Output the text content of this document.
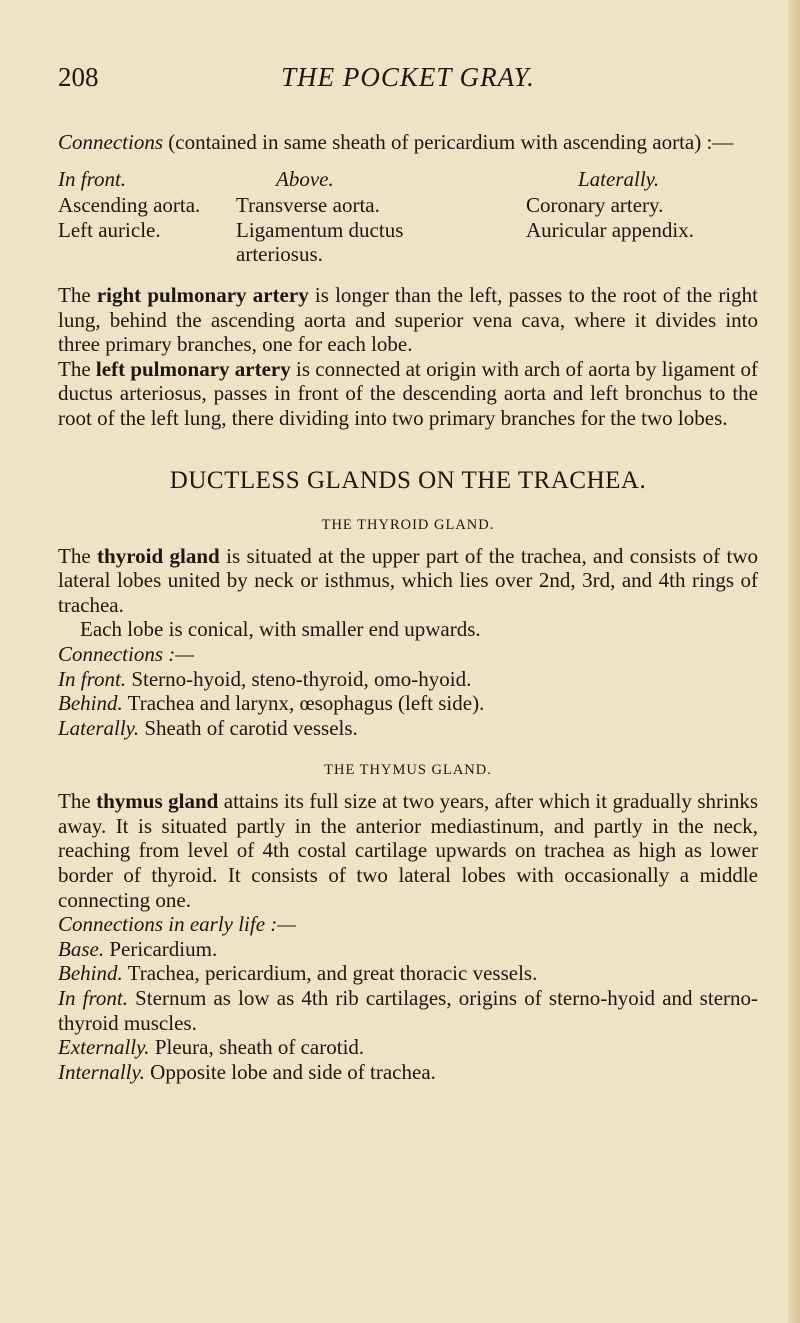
208	THE POCKET GRAY.

Connections (contained in same sheath of pericardium with ascending aorta) :—

In front.
Ascending aorta.
Left auricle.
Above.
Transverse aorta.
Ligamentum ductus
arteriosus.
Laterally.
Coronary artery.
Auricular appendix.

The right pulmonary artery is longer than the left, passes to the root of the right lung, behind the ascending aorta and superior vena cava, where it divides into three primary branches, one for each lobe.

The left pulmonary artery is connected at origin with arch of aorta by ligament of ductus arteriosus, passes in front of the descending aorta and left bronchus to the root of the left lung, there dividing into two primary branches for the two lobes.

DUCTLESS GLANDS ON THE TRACHEA.
THE THYROID GLAND.

The thyroid gland is situated at the upper part of the trachea, and consists of two lateral lobes united by neck or isthmus, which lies over 2nd, 3rd, and 4th rings of trachea.

Each lobe is conical, with smaller end upwards.

Connections :—

In front. Sterno-hyoid, steno-thyroid, omo-hyoid.

Behind. Trachea and larynx, œsophagus (left side).

Laterally. Sheath of carotid vessels.

THE THYMUS GLAND.

The thymus gland attains its full size at two years, after which it gradually shrinks away. It is situated partly in the anterior mediastinum, and partly in the neck, reaching from level of 4th costal cartilage upwards on trachea as high as lower border of thyroid. It consists of two lateral lobes with occasionally a middle connecting one.

Connections in early life :—

Base. Pericardium.

Behind. Trachea, pericardium, and great thoracic vessels.

In front. Sternum as low as 4th rib cartilages, origins of sterno-hyoid and sterno-thyroid muscles.

Externally. Pleura, sheath of carotid.

Internally. Opposite lobe and side of trachea.
